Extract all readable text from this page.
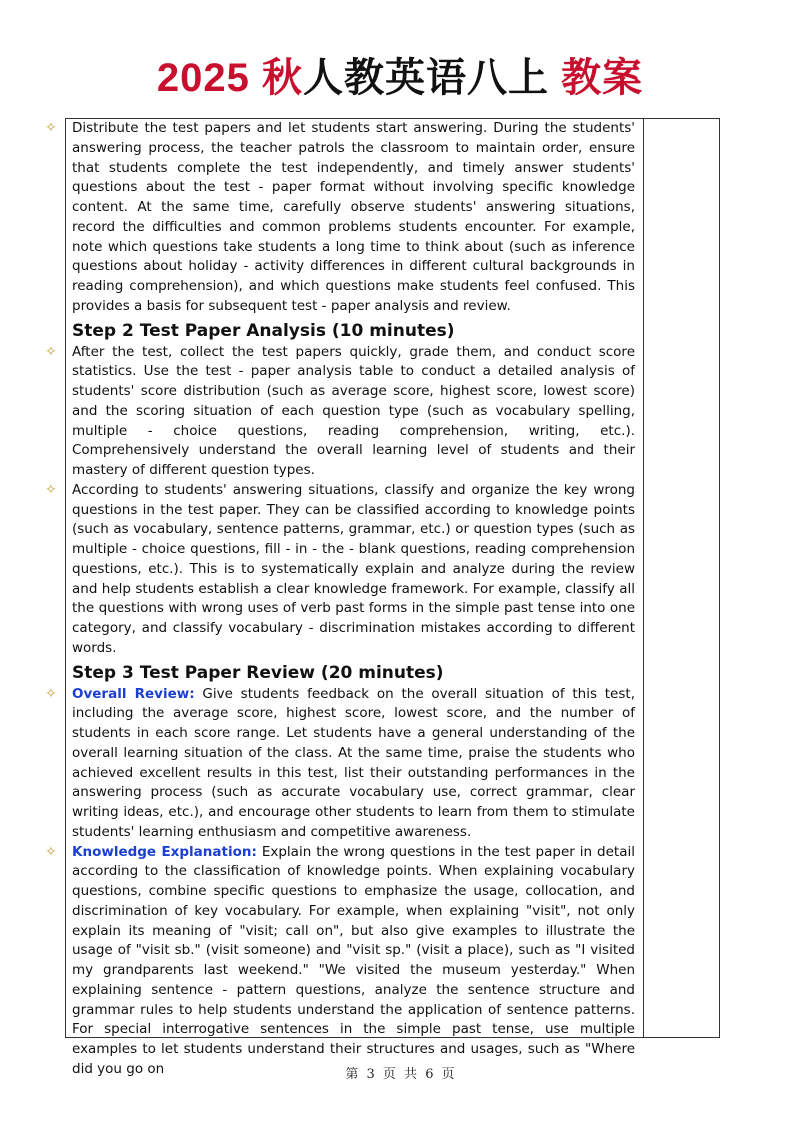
2025 秋人教英语八上 教案

✧ Distribute the test papers and let students start answering. During the students' answering process, the teacher patrols the classroom to maintain order, ensure that students complete the test independently, and timely answer students' questions about the test - paper format without involving specific knowledge content. At the same time, carefully observe students' answering situations, record the difficulties and common problems students encounter. For example, note which questions take students a long time to think about (such as inference questions about holiday - activity differences in different cultural backgrounds in reading comprehension), and which questions make students feel confused. This provides a basis for subsequent test - paper analysis and review.

Step 2 Test Paper Analysis (10 minutes)

✧ After the test, collect the test papers quickly, grade them, and conduct score statistics. Use the test - paper analysis table to conduct a detailed analysis of students' score distribution (such as average score, highest score, lowest score) and the scoring situation of each question type (such as vocabulary spelling, multiple - choice questions, reading comprehension, writing, etc.). Comprehensively understand the overall learning level of students and their mastery of different question types.

✧ According to students' answering situations, classify and organize the key wrong questions in the test paper. They can be classified according to knowledge points (such as vocabulary, sentence patterns, grammar, etc.) or question types (such as multiple - choice questions, fill - in - the - blank questions, reading comprehension questions, etc.). This is to systematically explain and analyze during the review and help students establish a clear knowledge framework. For example, classify all the questions with wrong uses of verb past forms in the simple past tense into one category, and classify vocabulary - discrimination mistakes according to different words.

Step 3 Test Paper Review (20 minutes)

✧ Overall Review: Give students feedback on the overall situation of this test, including the average score, highest score, lowest score, and the number of students in each score range. Let students have a general understanding of the overall learning situation of the class. At the same time, praise the students who achieved excellent results in this test, list their outstanding performances in the answering process (such as accurate vocabulary use, correct grammar, clear writing ideas, etc.), and encourage other students to learn from them to stimulate students' learning enthusiasm and competitive awareness.

✧ Knowledge Explanation: Explain the wrong questions in the test paper in detail according to the classification of knowledge points. When explaining vocabulary questions, combine specific questions to emphasize the usage, collocation, and discrimination of key vocabulary. For example, when explaining "visit", not only explain its meaning of "visit; call on", but also give examples to illustrate the usage of "visit sb." (visit someone) and "visit sp." (visit a place), such as "I visited my grandparents last weekend." "We visited the museum yesterday." When explaining sentence - pattern questions, analyze the sentence structure and grammar rules to help students understand the application of sentence patterns. For special interrogative sentences in the simple past tense, use multiple examples to let students understand their structures and usages, such as "Where did you go on	第 3 页 共 6 页
